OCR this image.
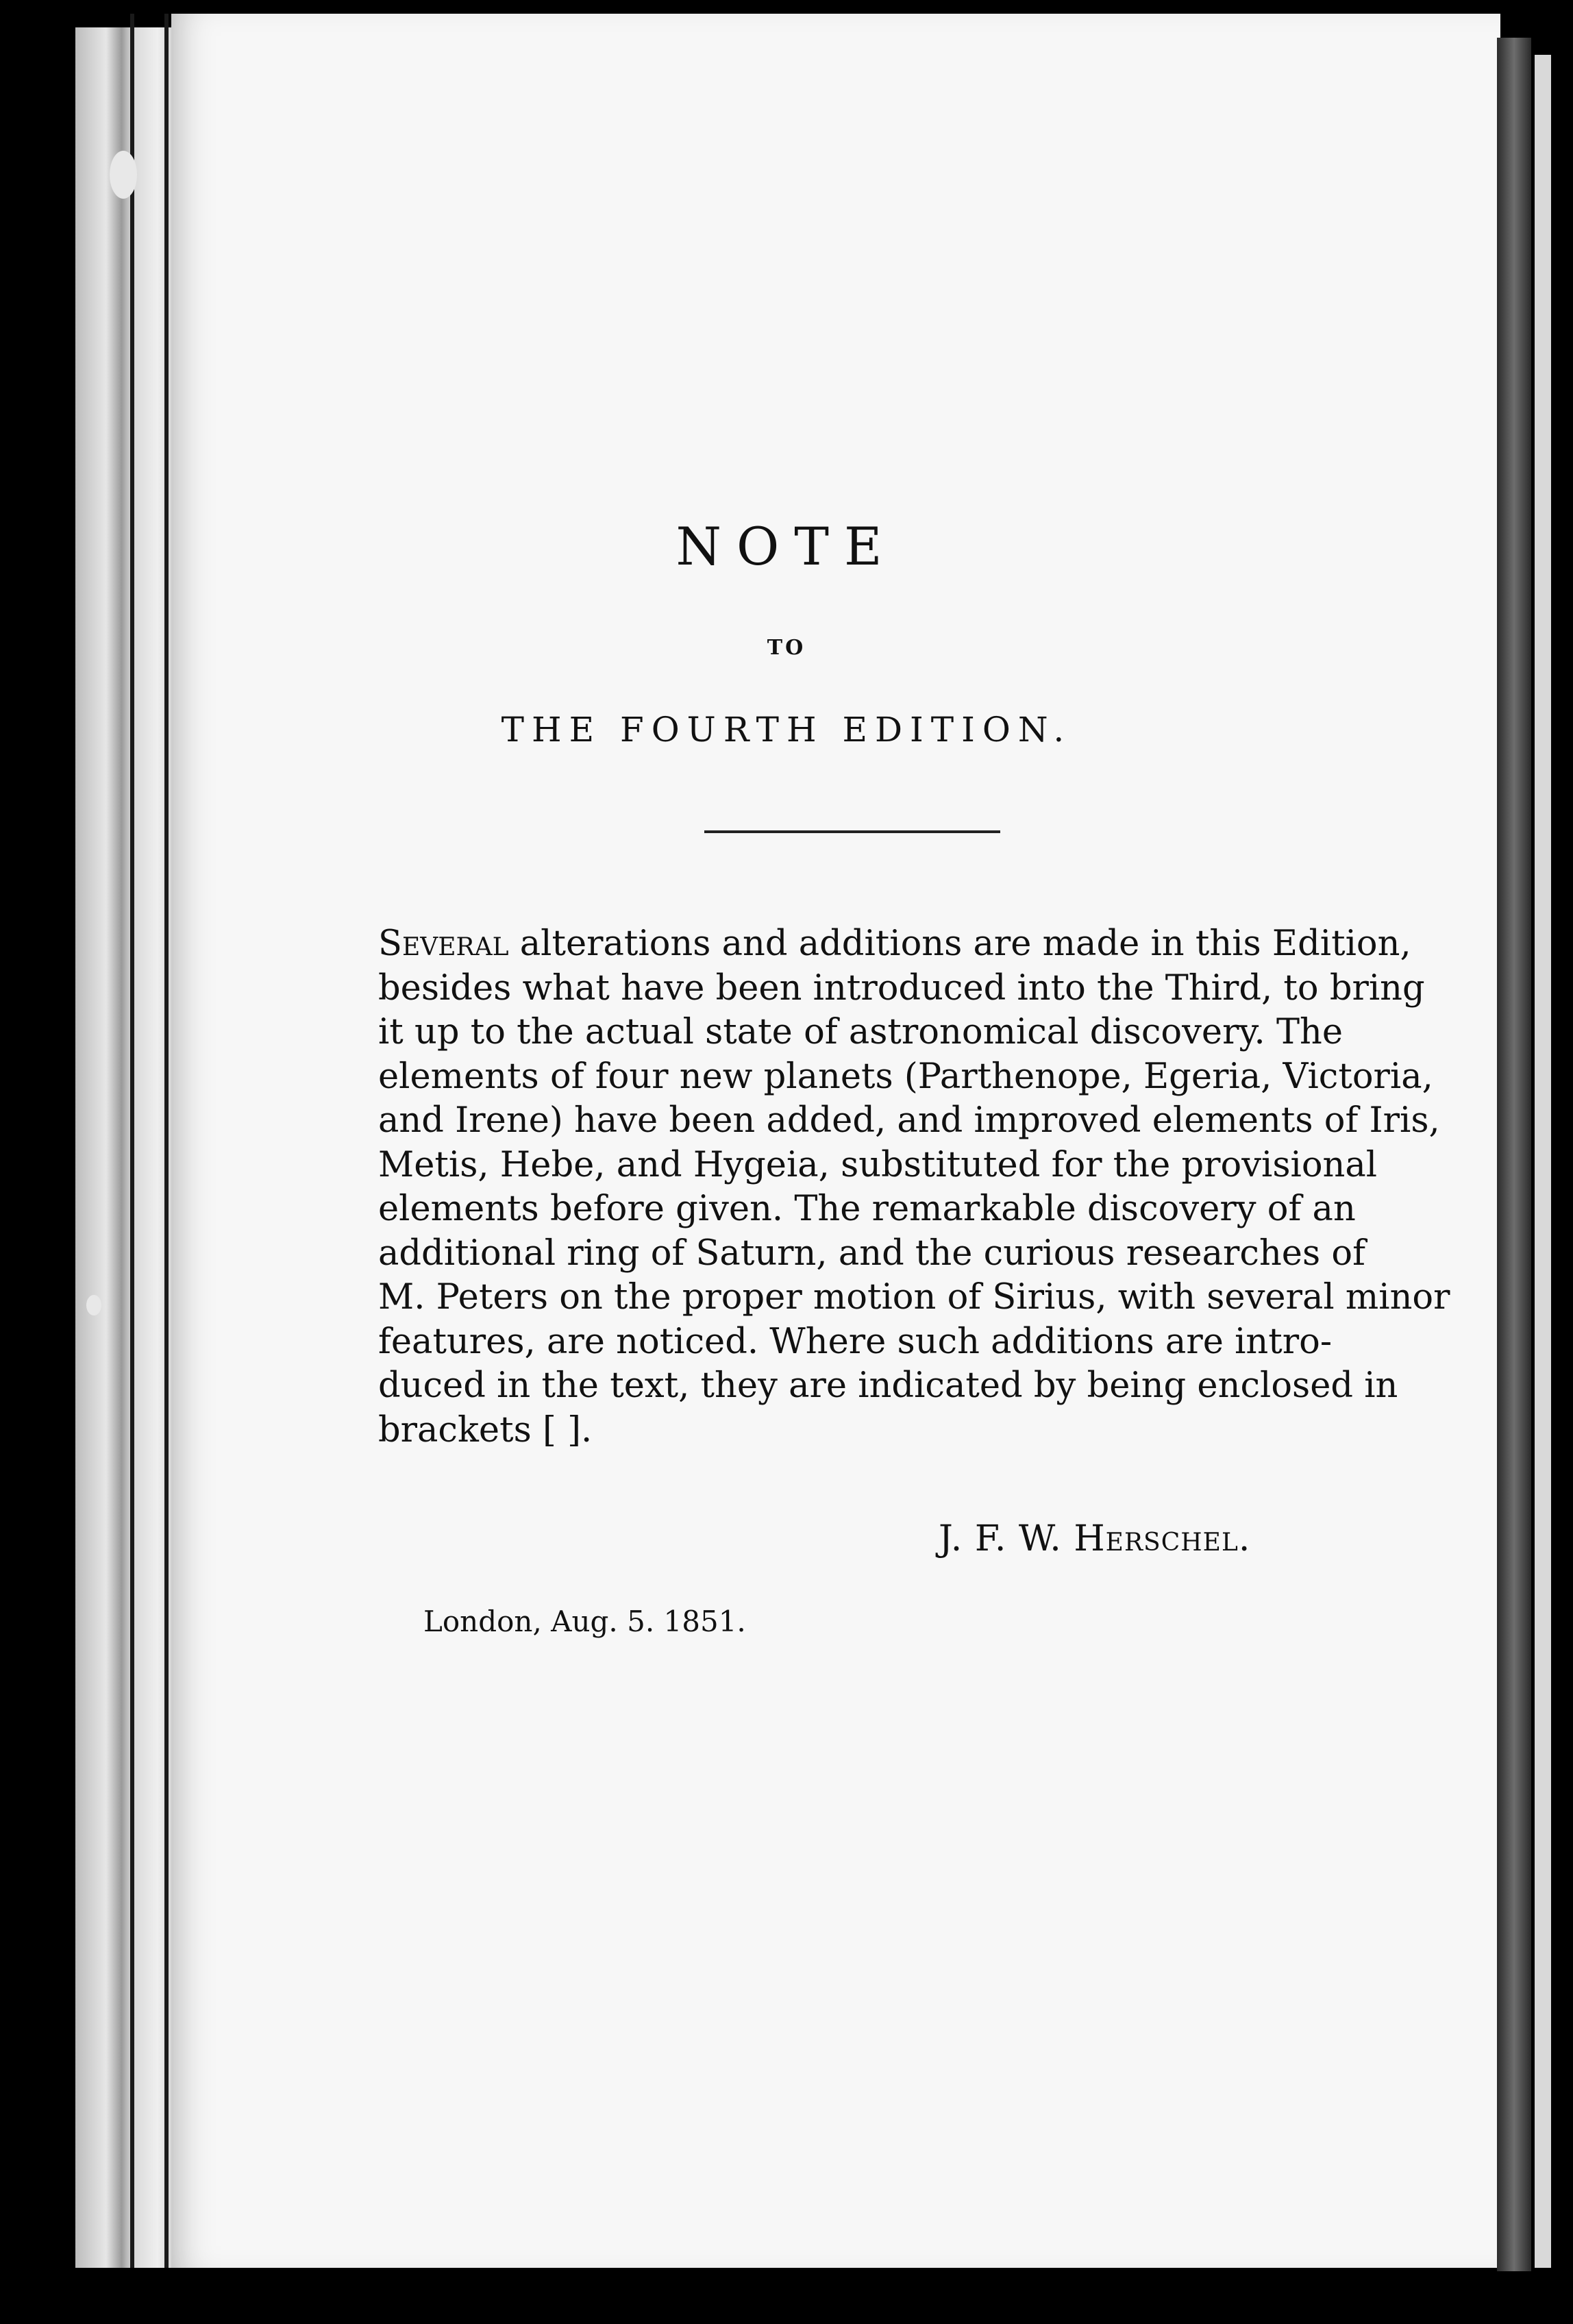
NOTE
TO
THE FOURTH EDITION.
Several alterations and additions are made in this Edition,
besides what have been introduced into the Third, to bring
it up to the actual state of astronomical discovery. The
elements of four new planets (Parthenope, Egeria, Victoria,
and Irene) have been added, and improved elements of Iris,
Metis, Hebe, and Hygeia, substituted for the provisional
elements before given. The remarkable discovery of an
additional ring of Saturn, and the curious researches of
M. Peters on the proper motion of Sirius, with several minor
features, are noticed. Where such additions are intro-
duced in the text, they are indicated by being enclosed in
brackets [ ].
J. F. W. Herschel.
London, Aug. 5. 1851.
